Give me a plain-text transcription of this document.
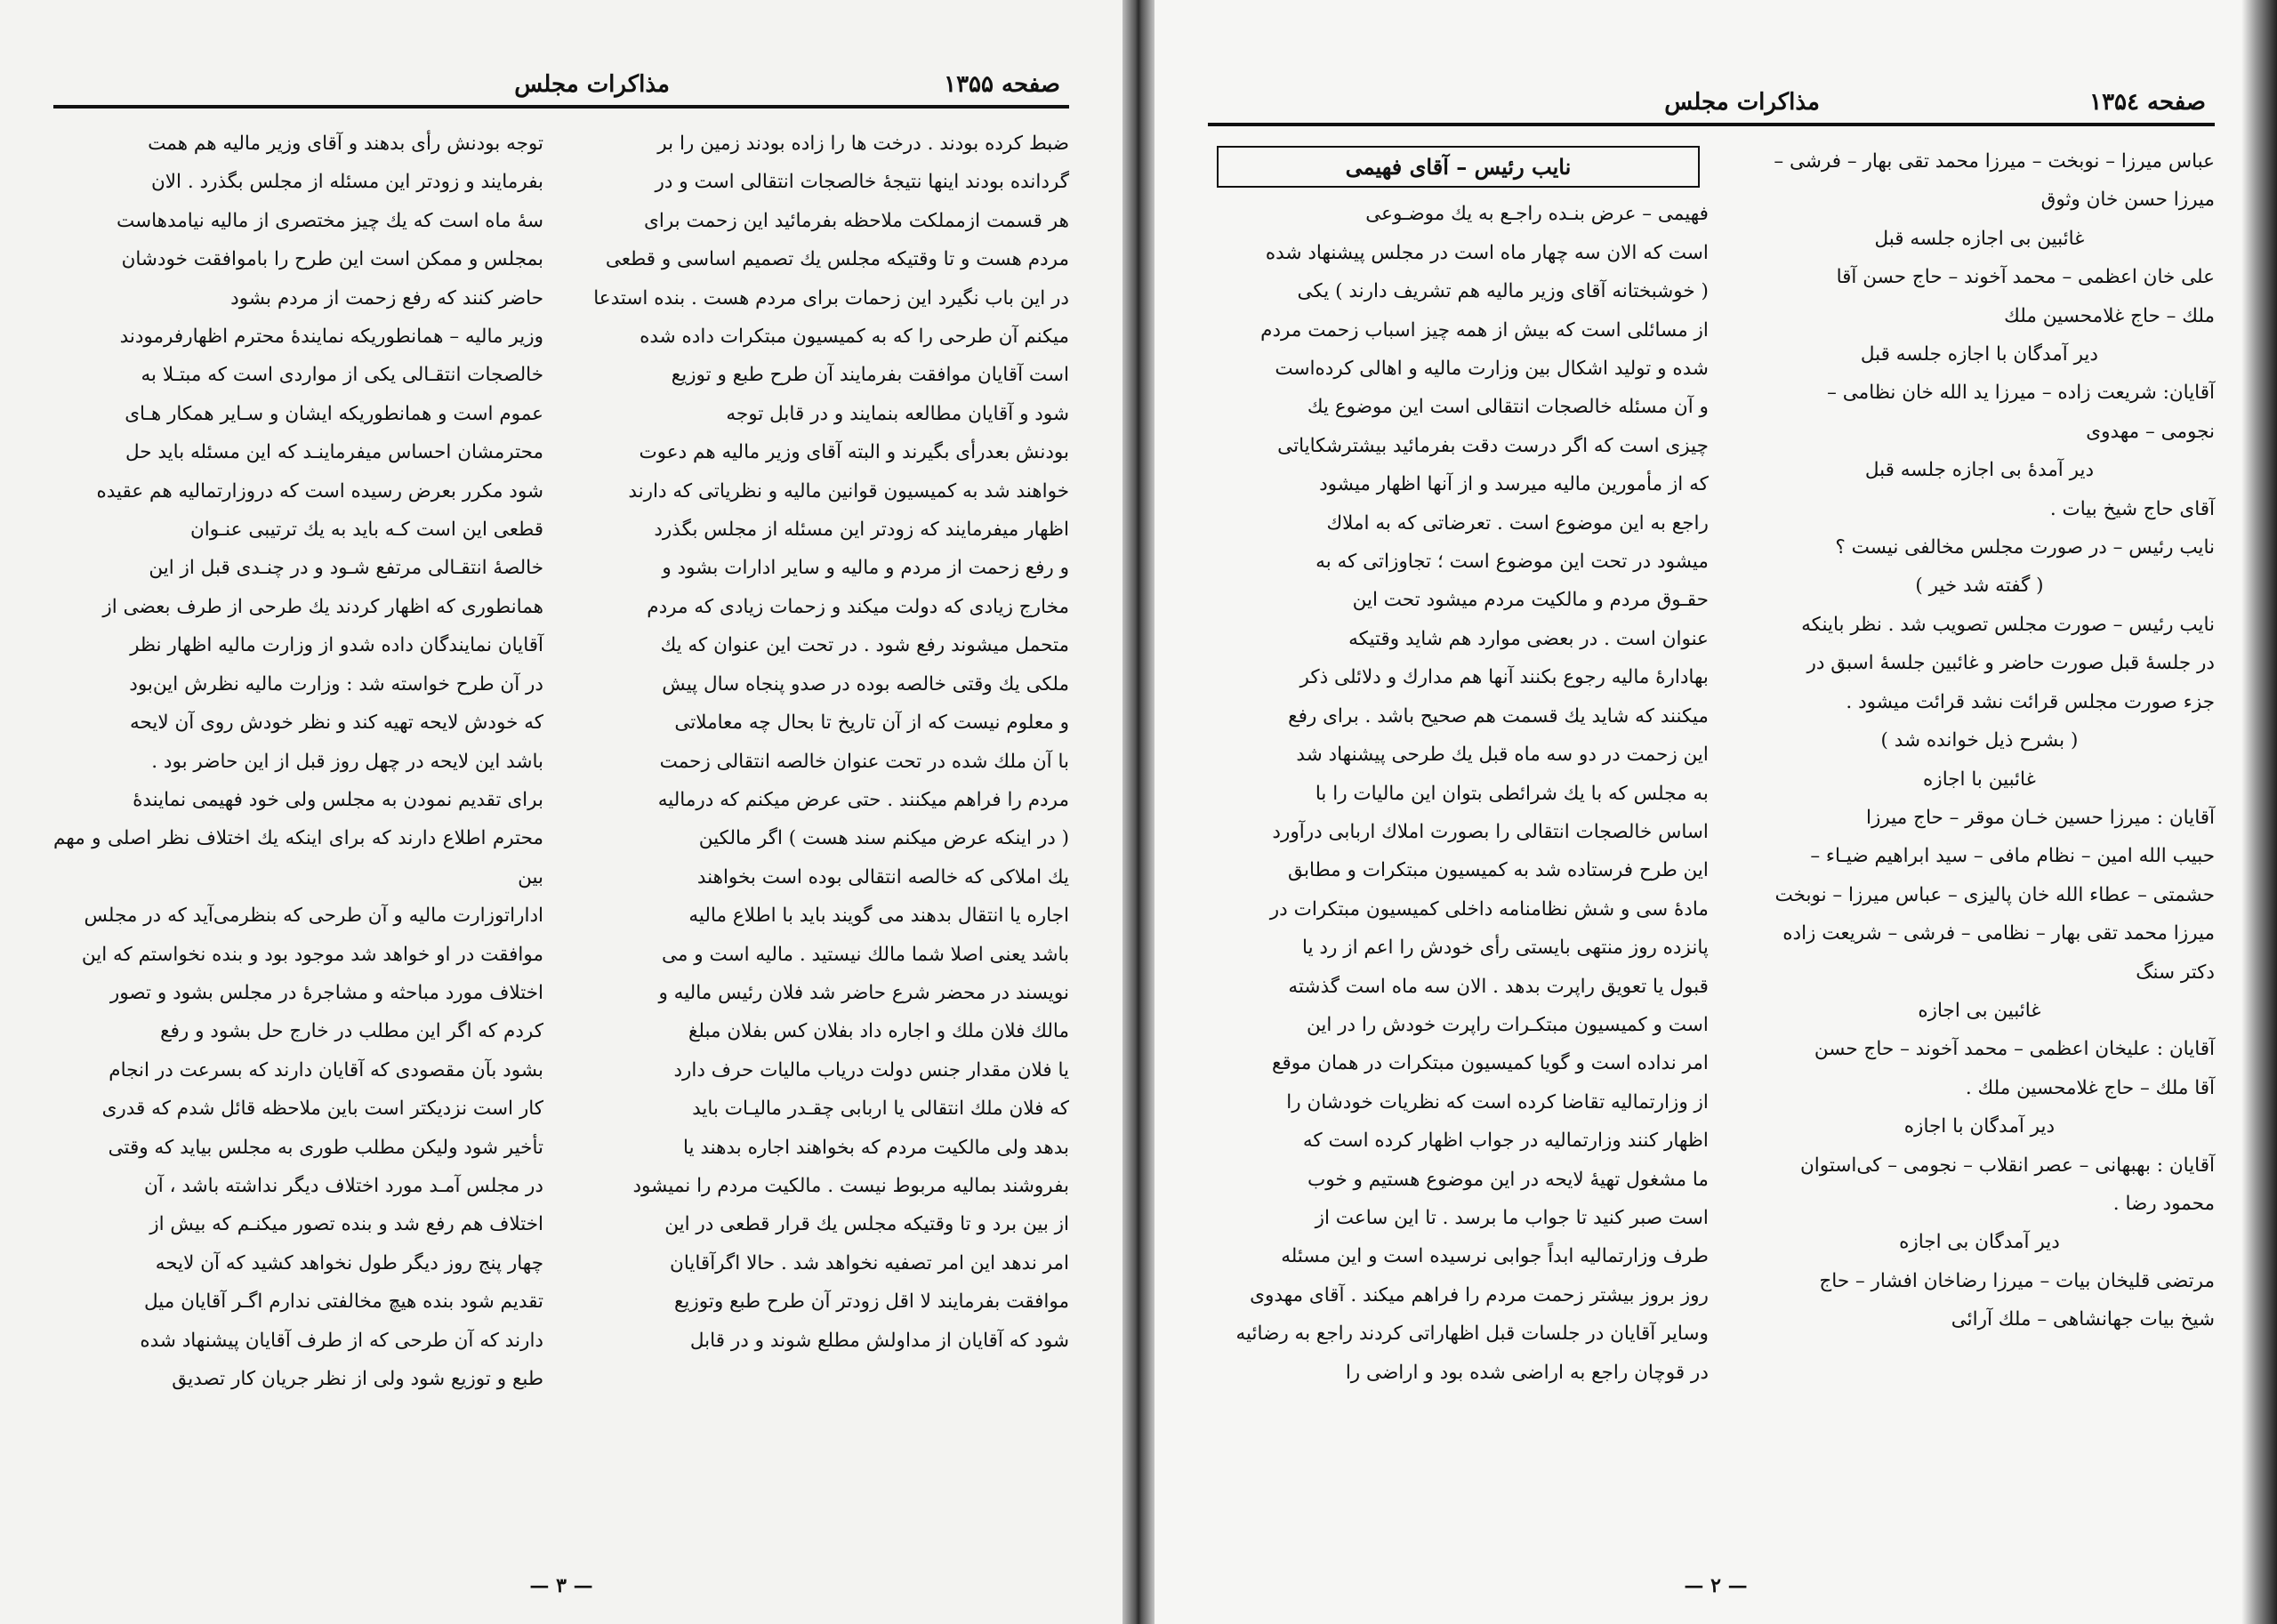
صفحه ۱۳۵۵
مذاکرات مجلس

ضبط کرده بودند . درخت ها را زاده بودند زمین را بر

گردانده بودند اینها نتیجهٔ خالصجات انتقالی است و در

هر قسمت ازمملکت ملاحظه بفرمائید این زحمت برای

مردم هست و تا وقتیکه مجلس یك تصمیم اساسی و قطعی

در این باب نگیرد این زحمات برای مردم هست . بنده استدعا

میکنم آن طرحی را که به کمیسیون مبتکرات داده شده

است آقایان موافقت بفرمایند آن طرح طبع و توزیع

شود و آقایان مطالعه بنمایند و در قابل توجه

بودنش بعدرأی بگیرند و البته آقای وزیر مالیه هم دعوت

خواهند شد به کمیسیون قوانین مالیه و نظریاتی که دارند

اظهار میفرمایند که زودتر این مسئله از مجلس بگذرد

و رفع زحمت از مردم و مالیه و سایر ادارات بشود و

مخارج زیادی که دولت میکند و زحمات زیادی که مردم

متحمل میشوند رفع شود . در تحت این عنوان که یك

ملکی یك وقتی خالصه بوده در صدو پنجاه سال پیش

و معلوم نیست که از آن تاریخ تا بحال چه معاملاتی

با آن ملك شده در تحت عنوان خالصه انتقالی زحمت

مردم را فراهم میکنند . حتی عرض میکنم که درمالیه

( در اینکه عرض میکنم سند هست ) اگر مالکین

یك املاکی که خالصه انتقالی بوده است بخواهند

اجاره یا انتقال بدهند می گویند باید با اطلاع مالیه

باشد یعنی اصلا شما مالك نیستید . مالیه است و می

نویسند در محضر شرع حاضر شد فلان رئیس مالیه و

مالك فلان ملك و اجاره داد بفلان کس بفلان مبلغ

یا فلان مقدار جنس دولت دریاب مالیات حرف دارد

که فلان ملك انتقالی یا اربابی چقـدر مالیـات باید

بدهد ولی مالکیت مردم که بخواهند اجاره بدهند یا

بفروشند بمالیه مربوط نیست . مالکیت مردم را نمیشود

از بین برد و تا وقتیکه مجلس یك قرار قطعی در این

امر ندهد این امر تصفیه نخواهد شد . حالا اگرآقایان

موافقت بفرمایند لا اقل زودتر آن طرح طبع وتوزیع

شود که آقایان از مداولش مطلع شوند و در قابل

توجه بودنش رأی بدهند و آقای وزیر مالیه هم همت

بفرمایند و زودتر این مسئله از مجلس بگذرد . الان

سهٔ ماه است که یك چیز مختصری از مالیه نیامدهاست

بمجلس و ممکن است این طرح را باموافقت خودشان

حاضر کنند که رفع زحمت از مردم بشود

وزیر مالیه – همانطوریکه نمایندهٔ محترم اظهارفرمودند

خالصجات انتقـالی یکی از مواردی است که مبتـلا به

عموم است و همانطوریکه ایشان و سـایر همکار هـای

محترمشان احساس میفرماینـد که این مسئله باید حل

شود مکرر بعرض رسیده است که دروزارتمالیه هم عقیده

قطعی این است کـه باید به یك ترتیبی عنـوان

خالصهٔ انتقـالی مرتفع شـود و در چنـدی قبل از این

همانطوری که اظهار کردند یك طرحی از طرف بعضی از

آقایان نمایندگان داده شدو از وزارت مالیه اظهار نظر

در آن طرح خواسته شد : وزارت مالیه نظرش این‌بود

که خودش لایحه تهیه کند و نظر خودش روی آن لایحه

باشد این لایحه در چهل روز قبل از این حاضر بود .

برای تقدیم نمودن به مجلس ولی خود فهیمی نمایندهٔ

محترم اطلاع دارند که برای اینکه یك اختلاف نظر اصلی و مهم بین

اداراتوزارت مالیه و آن طرحی که بنظرمی‌آید که در مجلس

موافقت در او خواهد شد موجود بود و بنده نخواستم که این

اختلاف مورد مباحثه و مشاجرهٔ در مجلس بشود و تصور

کردم که اگر این مطلب در خارج حل بشود و رفع

بشود بآن مقصودی که آقایان دارند که بسرعت در انجام

کار است نزدیکتر است باین ملاحظه قائل شدم که قدری

تأخیر شود ولیکن مطلب طوری به مجلس بیاید که وقتی

در مجلس آمـد مورد اختلاف دیگر نداشته باشد ، آن

اختلاف هم رفع شد و بنده تصور میکنـم که بیش از

چهار پنج روز دیگر طول نخواهد کشید که آن لایحه

تقدیم شود بنده هیچ مخالفتی ندارم اگـر آقایان میل

دارند که آن طرحی که از طرف آقایان پیشنهاد شده

طبع و توزیع شود ولی از نظر جریان کار تصدیق

— ۳ —
صفحه ۱۳۵٤
مذاکرات مجلس

عباس میرزا – نوبخت – میرزا محمد تقی بهار – فرشی –

میرزا حسن خان وثوق

غائبین بی اجازه جلسه قبل

علی خان اعظمی – محمد آخوند – حاج حسن آقا

ملك – حاج غلامحسین ملك

دیر آمدگان با اجازه جلسه قبل

آقایان: شریعت زاده – میرزا ید الله خان نظامی –

نجومی – مهدوی

دیر آمدهٔ بی اجازه جلسه قبل

آقای حاج شیخ بیات .

نایب رئیس – در صورت مجلس مخالفی نیست ؟

( گفته شد خیر )

نایب رئیس – صورت مجلس تصویب شد . نظر باینکه

در جلسهٔ قبل صورت حاضر و غائبین جلسهٔ اسبق در

جزء صورت مجلس قرائت نشد قرائت میشود .

( بشرح ذیل خوانده شد )

غائبین با اجازه

آقایان : میرزا حسین خـان موقر – حاج میرزا

حبیب الله امین – نظام مافی – سید ابراهیم ضیـاء –

حشمتی – عطاء الله خان پالیزی – عباس میرزا – نوبخت

میرزا محمد تقی بهار – نظامی – فرشی – شریعت زاده

دکتر سنگ

غائبین بی اجازه

آقایان : علیخان اعظمی – محمد آخوند – حاج حسن

آقا ملك – حاج غلامحسین ملك .

دیر آمدگان با اجازه

آقایان : بهبهانی – عصر انقلاب – نجومی – کی‌استوان

محمود رضا .

دیر آمدگان بی اجازه

مرتضی قلیخان بیات – میرزا رضاخان افشار – حاج

شیخ بیات جهانشاهی – ملك آرائی

نایب رئیس – آقای فهیمی

فهیمی – عرض بنـده راجـع به یك موضـوعی

است که الان سه چهار ماه است در مجلس پیشنهاد شده

( خوشبختانه آقای وزیر مالیه هم تشریف دارند ) یکی

از مسائلی است که بیش از همه چیز اسباب زحمت مردم

شده و تولید اشکال بین وزارت مالیه و اهالی کرده‌است

و آن مسئله خالصجات انتقالی است این موضوع یك

چیزی است که اگر درست دقت بفرمائید بیشترشکایاتی

که از مأمورین مالیه میرسد و از آنها اظهار میشود

راجع به این موضوع است . تعرضاتی که به املاك

میشود در تحت این موضوع است ؛ تجاوزاتی که به

حقـوق مردم و مالکیت مردم میشود تحت این

عنوان است . در بعضی موارد هم شاید وقتیکه

بهادارهٔ مالیه رجوع بکنند آنها هم مدارك و دلائلی ذکر

میکنند که شاید یك قسمت هم صحیح باشد . برای رفع

این زحمت در دو سه ماه قبل یك طرحی پیشنهاد شد

به مجلس که با یك شرائطی بتوان این مالیات را با

اساس خالصجات انتقالی را بصورت املاك اربابی درآورد

این طرح فرستاده شد به کمیسیون مبتکرات و مطابق

مادهٔ سی و شش نظامنامه داخلی کمیسیون مبتکرات در

پانزده روز منتهی بایستی رأی خودش را اعم از رد یا

قبول یا تعویق راپرت بدهد . الان سه ماه است گذشته

است و کمیسیون مبتکـرات راپرت خودش را در این

امر نداده است و گویا کمیسیون مبتکرات در همان موقع

از وزارتمالیه تقاضا کرده است که نظریات خودشان را

اظهار کنند وزارتمالیه در جواب اظهار کرده است که

ما مشغول تهیهٔ لایحه در این موضوع هستیم و خوب

است صبر کنید تا جواب ما برسد . تا این ساعت از

طرف وزارتمالیه ابداً جوابی نرسیده است و این مسئله

روز بروز بیشتر زحمت مردم را فراهم میکند . آقای مهدوی

وسایر آقایان در جلسات قبل اظهاراتی کردند راجع به رضائیه

در قوچان راجع به اراضی شده بود و اراضی را

— ۲ —
